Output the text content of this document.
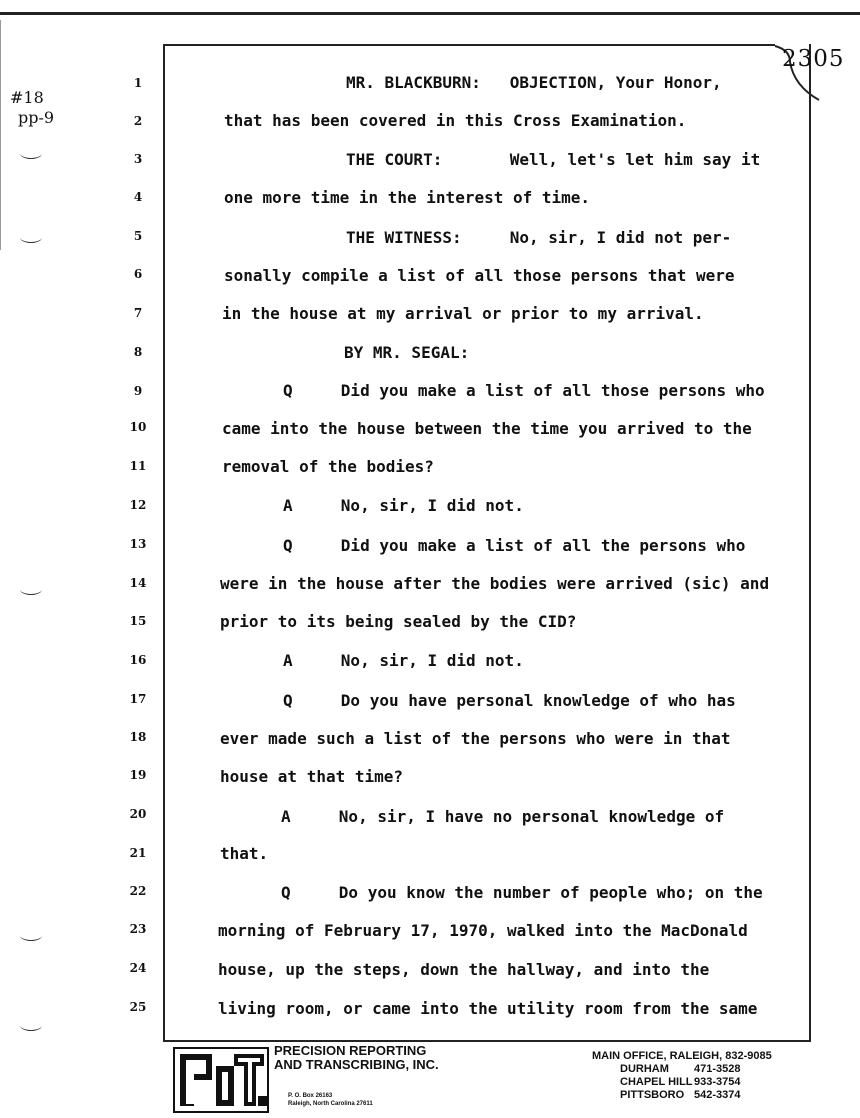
#18
pp-9
2305
1	MR. BLACKBURN:   OBJECTION, Your Honor,
2	that has been covered in this Cross Examination.
3	THE COURT:       Well, let's let him say it
4	one more time in the interest of time.
5	THE WITNESS:     No, sir, I did not per-
6	sonally compile a list of all those persons that were
7	in the house at my arrival or prior to my arrival.
8	BY MR. SEGAL:
9	Q     Did you make a list of all those persons who
10	came into the house between the time you arrived to the
11	removal of the bodies?
12	A     No, sir, I did not.
13	Q     Did you make a list of all the persons who
14	were in the house after the bodies were arrived (sic) and
15	prior to its being sealed by the CID?
16	A     No, sir, I did not.
17	Q     Do you have personal knowledge of who has
18	ever made such a list of the persons who were in that
19	house at that time?
20	A     No, sir, I have no personal knowledge of
21	that.
22	Q     Do you know the number of people who; on the
23	morning of February 17, 1970, walked into the MacDonald
24	house, up the steps, down the hallway, and into the
25	living room, or came into the utility room from the same
PRECISION REPORTING
AND TRANSCRIBING, INC.
P. O. Box 26163
Raleigh, North Carolina 27611
MAIN OFFICE, RALEIGH, 832-9085
DURHAM	471-3528
CHAPEL HILL 933-3754
PITTSBORO 542-3374
